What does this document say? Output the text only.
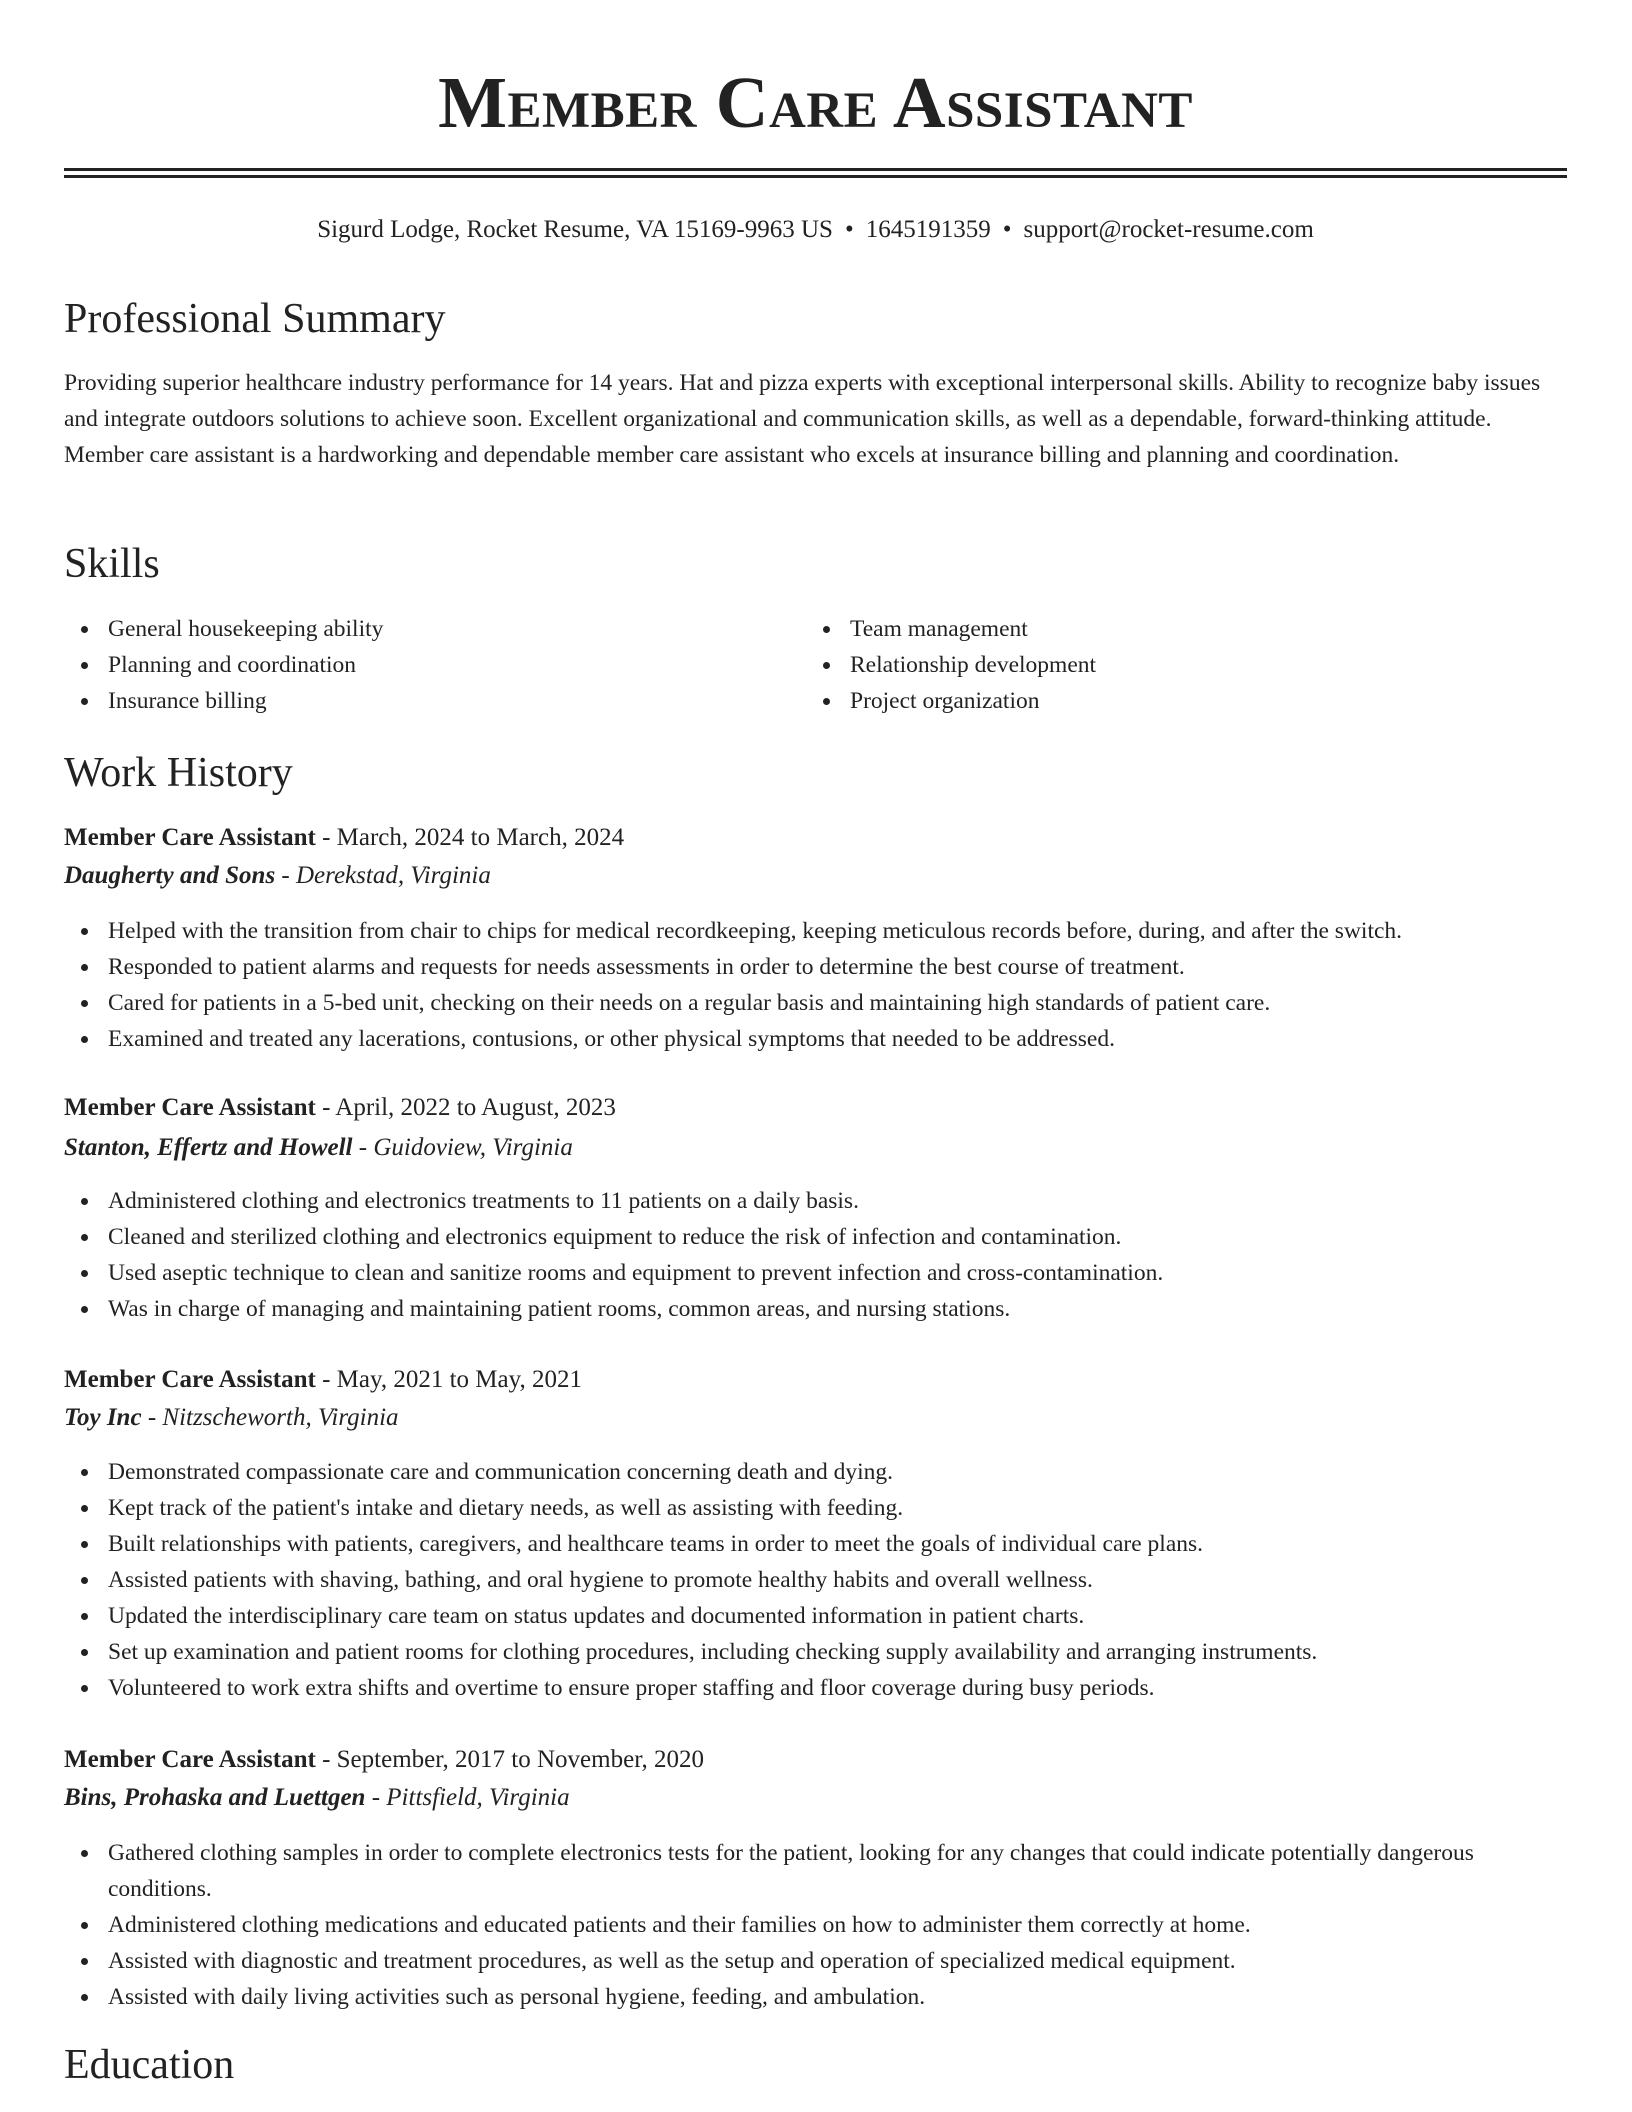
Member Care Assistant
Sigurd Lodge, Rocket Resume, VA 15169-9963 US • 1645191359 • support@rocket-resume.com
Professional Summary

Providing superior healthcare industry performance for 14 years. Hat and pizza experts with exceptional interpersonal skills. Ability to recognize baby issues and integrate outdoors solutions to achieve soon. Excellent organizational and communication skills, as well as a dependable, forward-thinking attitude. Member care assistant is a hardworking and dependable member care assistant who excels at insurance billing and planning and coordination.

Skills
General housekeeping ability
Planning and coordination
Insurance billing
Team management
Relationship development
Project organization
Work History
Member Care Assistant - March, 2024 to March, 2024
Daugherty and Sons - Derekstad, Virginia
Helped with the transition from chair to chips for medical recordkeeping, keeping meticulous records before, during, and after the switch.
Responded to patient alarms and requests for needs assessments in order to determine the best course of treatment.
Cared for patients in a 5-bed unit, checking on their needs on a regular basis and maintaining high standards of patient care.
Examined and treated any lacerations, contusions, or other physical symptoms that needed to be addressed.
Member Care Assistant - April, 2022 to August, 2023
Stanton, Effertz and Howell - Guidoview, Virginia
Administered clothing and electronics treatments to 11 patients on a daily basis.
Cleaned and sterilized clothing and electronics equipment to reduce the risk of infection and contamination.
Used aseptic technique to clean and sanitize rooms and equipment to prevent infection and cross-contamination.
Was in charge of managing and maintaining patient rooms, common areas, and nursing stations.
Member Care Assistant - May, 2021 to May, 2021
Toy Inc - Nitzscheworth, Virginia
Demonstrated compassionate care and communication concerning death and dying.
Kept track of the patient's intake and dietary needs, as well as assisting with feeding.
Built relationships with patients, caregivers, and healthcare teams in order to meet the goals of individual care plans.
Assisted patients with shaving, bathing, and oral hygiene to promote healthy habits and overall wellness.
Updated the interdisciplinary care team on status updates and documented information in patient charts.
Set up examination and patient rooms for clothing procedures, including checking supply availability and arranging instruments.
Volunteered to work extra shifts and overtime to ensure proper staffing and floor coverage during busy periods.
Member Care Assistant - September, 2017 to November, 2020
Bins, Prohaska and Luettgen - Pittsfield, Virginia
Gathered clothing samples in order to complete electronics tests for the patient, looking for any changes that could indicate potentially dangerous conditions.
Administered clothing medications and educated patients and their families on how to administer them correctly at home.
Assisted with diagnostic and treatment procedures, as well as the setup and operation of specialized medical equipment.
Assisted with daily living activities such as personal hygiene, feeding, and ambulation.
Education
